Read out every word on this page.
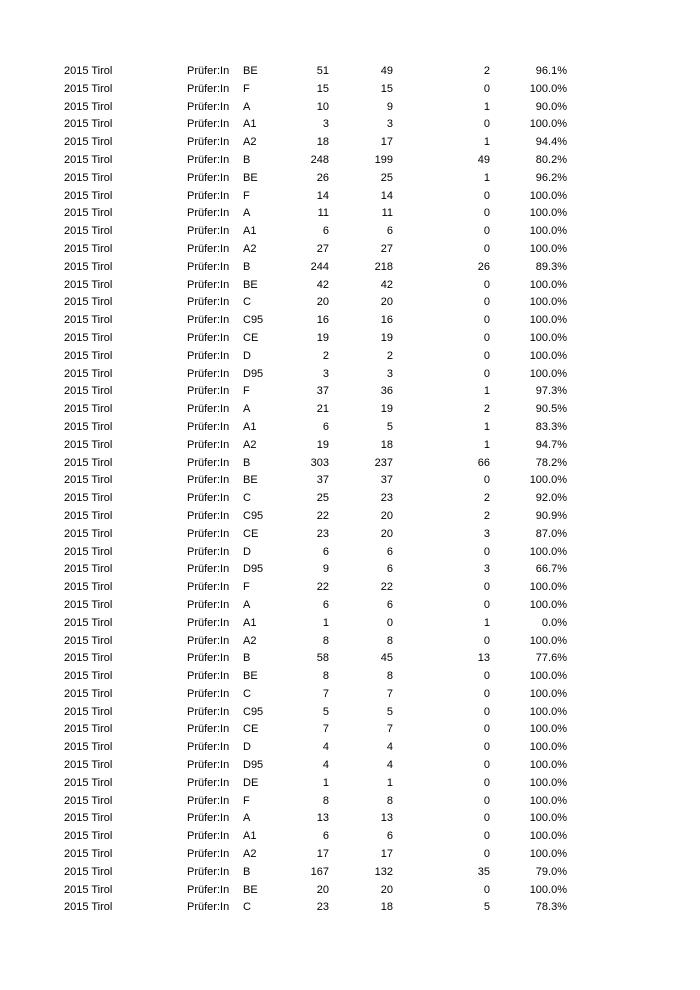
2015 Tirol	Prüfer:In	BE	51	49	2	96.1%
2015 Tirol	Prüfer:In	F	15	15	0	100.0%
2015 Tirol	Prüfer:In	A	10	9	1	90.0%
2015 Tirol	Prüfer:In	A1	3	3	0	100.0%
2015 Tirol	Prüfer:In	A2	18	17	1	94.4%
2015 Tirol	Prüfer:In	B	248	199	49	80.2%
2015 Tirol	Prüfer:In	BE	26	25	1	96.2%
2015 Tirol	Prüfer:In	F	14	14	0	100.0%
2015 Tirol	Prüfer:In	A	11	11	0	100.0%
2015 Tirol	Prüfer:In	A1	6	6	0	100.0%
2015 Tirol	Prüfer:In	A2	27	27	0	100.0%
2015 Tirol	Prüfer:In	B	244	218	26	89.3%
2015 Tirol	Prüfer:In	BE	42	42	0	100.0%
2015 Tirol	Prüfer:In	C	20	20	0	100.0%
2015 Tirol	Prüfer:In	C95	16	16	0	100.0%
2015 Tirol	Prüfer:In	CE	19	19	0	100.0%
2015 Tirol	Prüfer:In	D	2	2	0	100.0%
2015 Tirol	Prüfer:In	D95	3	3	0	100.0%
2015 Tirol	Prüfer:In	F	37	36	1	97.3%
2015 Tirol	Prüfer:In	A	21	19	2	90.5%
2015 Tirol	Prüfer:In	A1	6	5	1	83.3%
2015 Tirol	Prüfer:In	A2	19	18	1	94.7%
2015 Tirol	Prüfer:In	B	303	237	66	78.2%
2015 Tirol	Prüfer:In	BE	37	37	0	100.0%
2015 Tirol	Prüfer:In	C	25	23	2	92.0%
2015 Tirol	Prüfer:In	C95	22	20	2	90.9%
2015 Tirol	Prüfer:In	CE	23	20	3	87.0%
2015 Tirol	Prüfer:In	D	6	6	0	100.0%
2015 Tirol	Prüfer:In	D95	9	6	3	66.7%
2015 Tirol	Prüfer:In	F	22	22	0	100.0%
2015 Tirol	Prüfer:In	A	6	6	0	100.0%
2015 Tirol	Prüfer:In	A1	1	0	1	0.0%
2015 Tirol	Prüfer:In	A2	8	8	0	100.0%
2015 Tirol	Prüfer:In	B	58	45	13	77.6%
2015 Tirol	Prüfer:In	BE	8	8	0	100.0%
2015 Tirol	Prüfer:In	C	7	7	0	100.0%
2015 Tirol	Prüfer:In	C95	5	5	0	100.0%
2015 Tirol	Prüfer:In	CE	7	7	0	100.0%
2015 Tirol	Prüfer:In	D	4	4	0	100.0%
2015 Tirol	Prüfer:In	D95	4	4	0	100.0%
2015 Tirol	Prüfer:In	DE	1	1	0	100.0%
2015 Tirol	Prüfer:In	F	8	8	0	100.0%
2015 Tirol	Prüfer:In	A	13	13	0	100.0%
2015 Tirol	Prüfer:In	A1	6	6	0	100.0%
2015 Tirol	Prüfer:In	A2	17	17	0	100.0%
2015 Tirol	Prüfer:In	B	167	132	35	79.0%
2015 Tirol	Prüfer:In	BE	20	20	0	100.0%
2015 Tirol	Prüfer:In	C	23	18	5	78.3%
